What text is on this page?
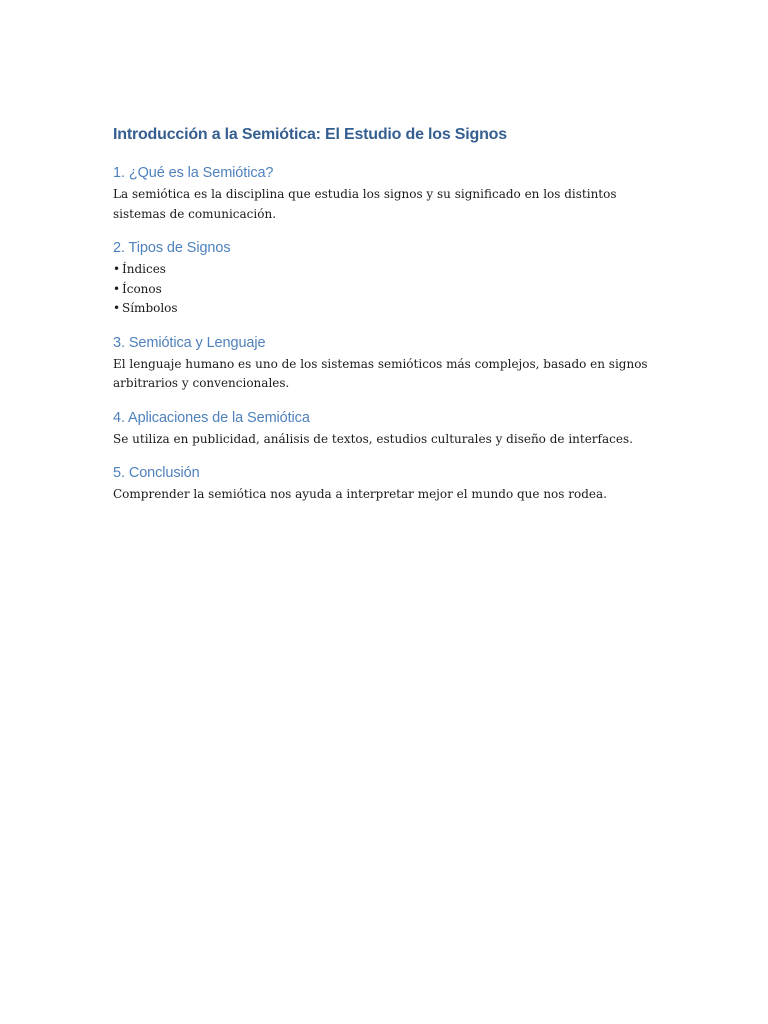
Introducción a la Semiótica: El Estudio de los Signos
1. ¿Qué es la Semiótica?

La semiótica es la disciplina que estudia los signos y su significado en los distintos sistemas de comunicación.

2. Tipos de Signos
• Índices
• Íconos
• Símbolos
3. Semiótica y Lenguaje

El lenguaje humano es uno de los sistemas semióticos más complejos, basado en signos arbitrarios y convencionales.

4. Aplicaciones de la Semiótica

Se utiliza en publicidad, análisis de textos, estudios culturales y diseño de interfaces.

5. Conclusión

Comprender la semiótica nos ayuda a interpretar mejor el mundo que nos rodea.
